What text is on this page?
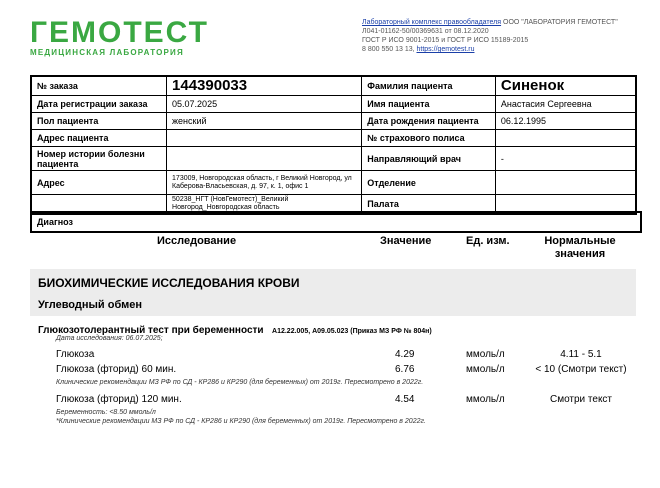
ГЕМОТЕСТ
МЕДИЦИНСКАЯ ЛАБОРАТОРИЯ
Лабораторный комплекс правообладателя ООО "ЛАБОРАТОРИЯ ГЕМОТЕСТ"
Л041-01162-50/00369631 от 08.12.2020
ГОСТ Р ИСО 9001-2015 и ГОСТ Р ИСО 15189-2015
8 800 550 13 13, https://gemotest.ru
№ заказа	144390033	Фамилия пациента	Синенок
Дата регистрации заказа	05.07.2025	Имя пациента	Анастасия Сергеевна
Пол пациента	женский	Дата рождения пациента	06.12.1995
Адрес пациента		№ страхового полиса	
Номер истории болезни пациента		Направляющий врач	-
Адрес	173009, Новгородская область, г Великий Новгород, ул Каберова-Власьевская, д. 97, к. 1, офис 1	Отделение	
	50238_НГТ (НовГемотест)_Великий Новгород_Новгородская область	Палата	
Диагноз
Исследование	Значение	Ед. изм.	Нормальные значения
БИОХИМИЧЕСКИЕ ИССЛЕДОВАНИЯ КРОВИ
Углеводный обмен
Глюкозотолерантный тест при беременности А12.22.005, А09.05.023 (Приказ МЗ РФ № 804н)
Дата исследования: 06.07.2025;
Глюкоза	4.29	ммоль/л	4.11 - 5.1
Глюкоза (фторид) 60 мин.	6.76	ммоль/л	< 10 (Смотри текст)
Клинические рекомендации МЗ РФ по СД - КР286 и КР290 (для беременных) от 2019г. Пересмотрено в 2022г.
Глюкоза (фторид) 120 мин.	4.54	ммоль/л	Смотри текст
Беременность: <8.50 ммоль/л
*Клинические рекомендации МЗ РФ по СД - КР286 и КР290 (для беременных) от 2019г. Пересмотрено в 2022г.
